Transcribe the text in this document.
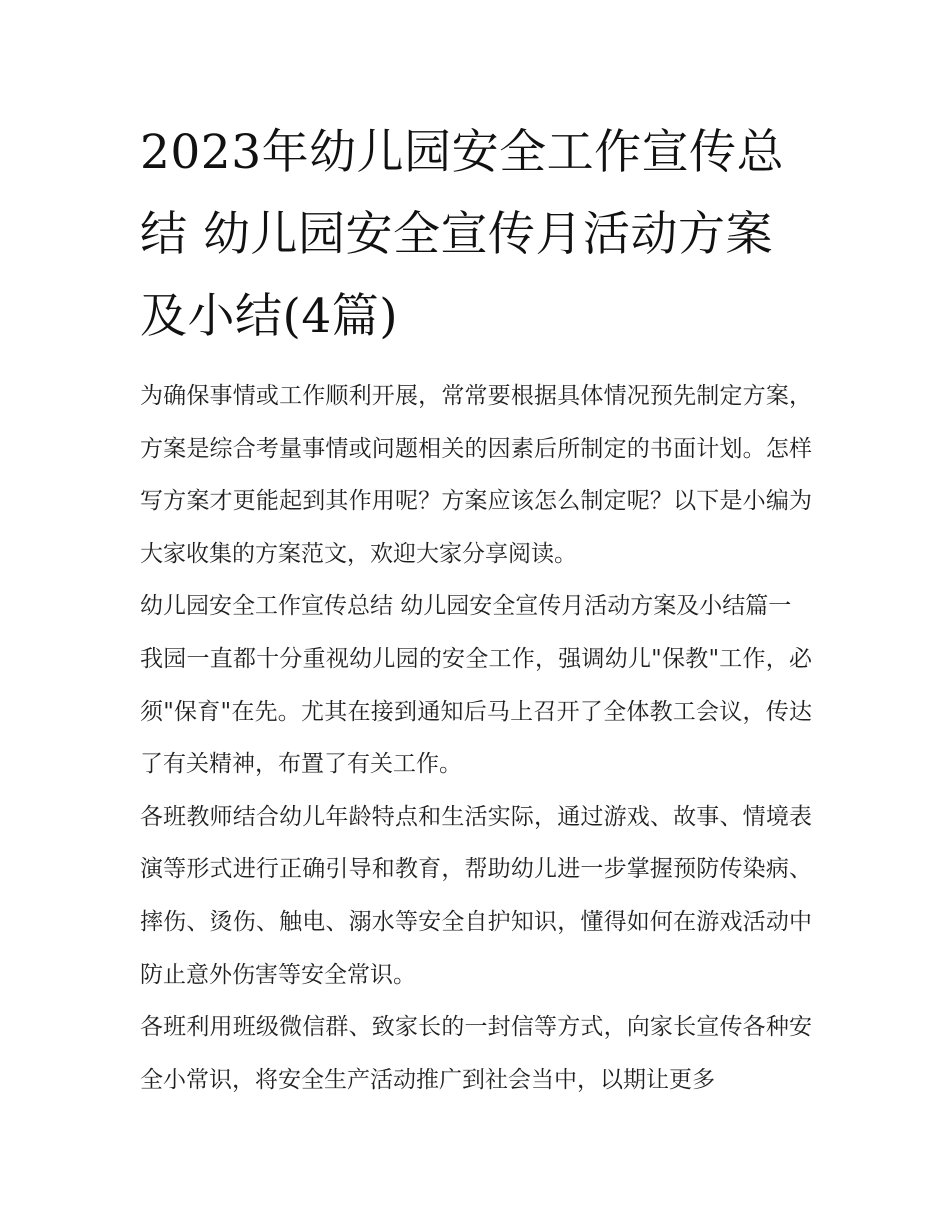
2023年幼儿园安全工作宣传总结 幼儿园安全宣传月活动方案及小结(4篇)

为确保事情或工作顺利开展，常常要根据具体情况预先制定方案，方案是综合考量事情或问题相关的因素后所制定的书面计划。怎样写方案才更能起到其作用呢？方案应该怎么制定呢？以下是小编为大家收集的方案范文，欢迎大家分享阅读。

幼儿园安全工作宣传总结 幼儿园安全宣传月活动方案及小结篇一

我园一直都十分重视幼儿园的安全工作，强调幼儿"保教"工作，必须"保育"在先。尤其在接到通知后马上召开了全体教工会议，传达了有关精神，布置了有关工作。

各班教师结合幼儿年龄特点和生活实际，通过游戏、故事、情境表演等形式进行正确引导和教育，帮助幼儿进一步掌握预防传染病、摔伤、烫伤、触电、溺水等安全自护知识，懂得如何在游戏活动中防止意外伤害等安全常识。

各班利用班级微信群、致家长的一封信等方式，向家长宣传各种安全小常识，将安全生产活动推广到社会当中，以期让更多
